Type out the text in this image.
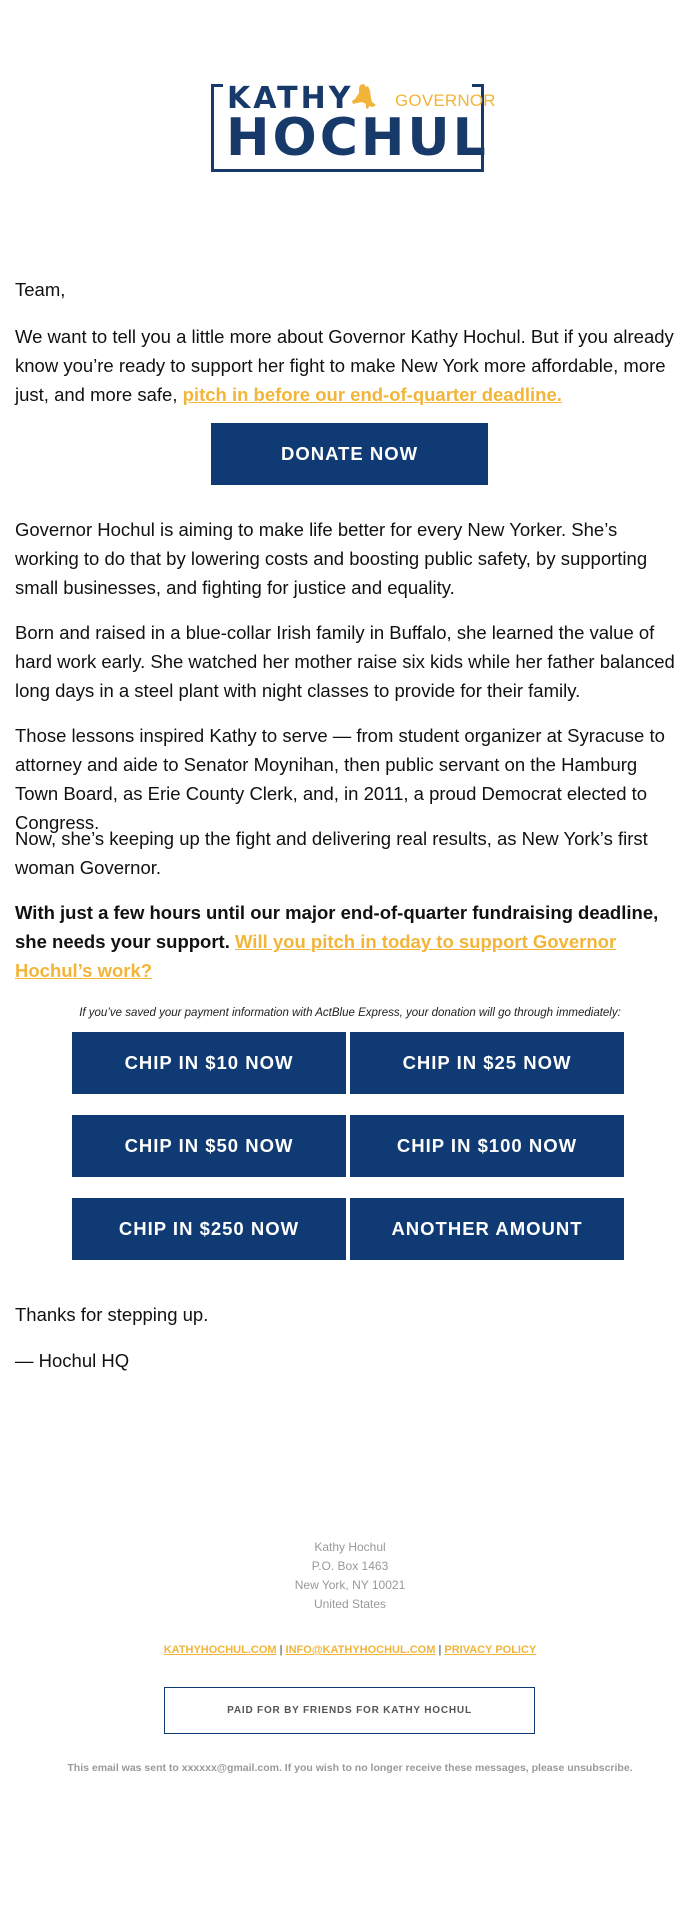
KATHY GOVERNOR
HOCHUL

Team,

We want to tell you a little more about Governor Kathy Hochul. But if you already know you’re ready to support her fight to make New York more affordable, more just, and more safe, pitch in before our end-of-quarter deadline.

DONATE NOW

Governor Hochul is aiming to make life better for every New Yorker. She’s working to do that by lowering costs and boosting public safety, by supporting small businesses, and fighting for justice and equality.

Born and raised in a blue-collar Irish family in Buffalo, she learned the value of hard work early. She watched her mother raise six kids while her father balanced long days in a steel plant with night classes to provide for their family.

Those lessons inspired Kathy to serve — from student organizer at Syracuse to attorney and aide to Senator Moynihan, then public servant on the Hamburg Town Board, as Erie County Clerk, and, in 2011, a proud Democrat elected to Congress.

Now, she’s keeping up the fight and delivering real results, as New York’s first woman Governor.

With just a few hours until our major end-of-quarter fundraising deadline, she needs your support. Will you pitch in today to support Governor Hochul’s work?

If you’ve saved your payment information with ActBlue Express, your donation will go through immediately:
CHIP IN $10 NOW	CHIP IN $25 NOW
CHIP IN $50 NOW	CHIP IN $100 NOW
CHIP IN $250 NOW	ANOTHER AMOUNT

Thanks for stepping up.

— Hochul HQ

Kathy Hochul
P.O. Box 1463
New York, NY 10021
United States
KATHYHOCHUL.COM | INFO@KATHYHOCHUL.COM | PRIVACY POLICY
PAID FOR BY FRIENDS FOR KATHY HOCHUL
This email was sent to xxxxxx@gmail.com. If you wish to no longer receive these messages, please unsubscribe.
